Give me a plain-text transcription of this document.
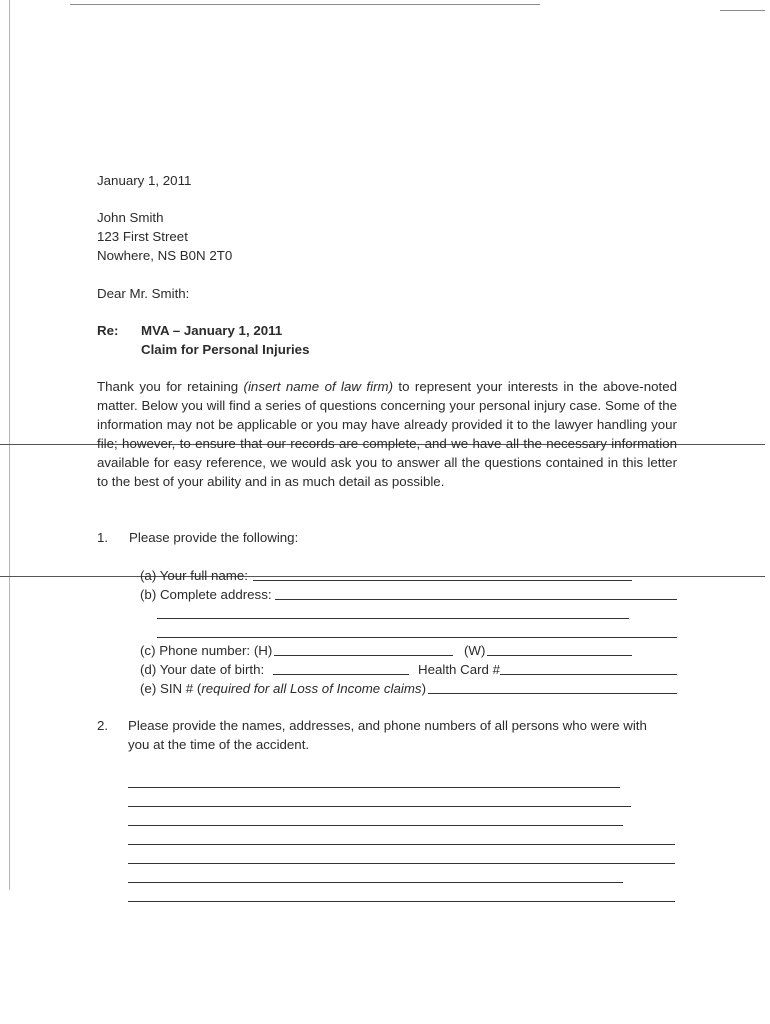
January 1, 2011
John Smith
123 First Street
Nowhere, NS B0N 2T0
Dear Mr. Smith:
Re: MVA – January 1, 2011
Claim for Personal Injuries
Thank you for retaining (insert name of law firm) to represent your interests in the above-noted matter. Below you will find a series of questions concerning your personal injury case. Some of the information may not be applicable or you may have already provided it to the lawyer handling your file; however, to ensure that our records are complete, and we have all the necessary information available for easy reference, we would ask you to answer all the questions contained in this letter to the best of your ability and in as much detail as possible.
1. Please provide the following:
(a) Your full name:
(b) Complete address:
(c) Phone number: (H)	(W)
(d) Your date of birth:	Health Card #
(e) SIN # (required for all Loss of Income claims)
2. Please provide the names, addresses, and phone numbers of all persons who were with
you at the time of the accident.
